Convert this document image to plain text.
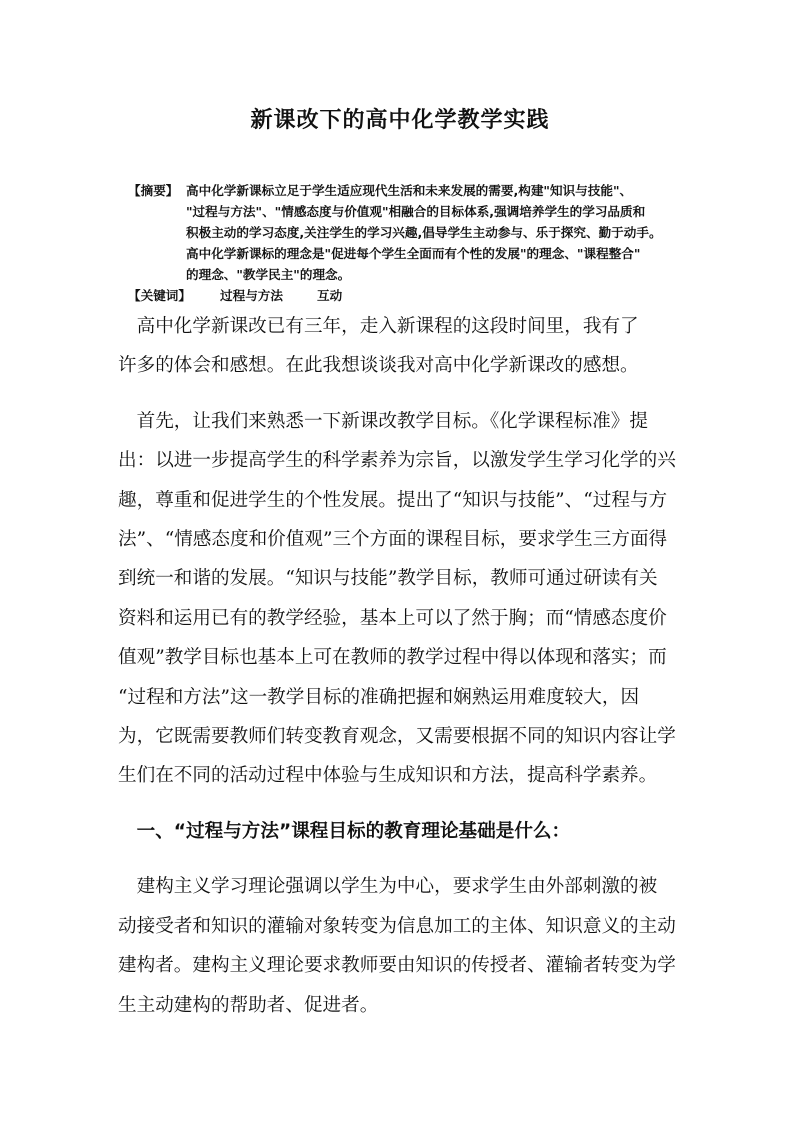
新课改下的高中化学教学实践
【摘要】 高中化学新课标立足于学生适应现代生活和未来发展的需要,构建"知识与技能"、
"过程与方法"、"情感态度与价值观"相融合的目标体系,强调培养学生的学习品质和
积极主动的学习态度,关注学生的学习兴趣,倡导学生主动参与、乐于探究、勤于动手。
高中化学新课标的理念是"促进每个学生全面而有个性的发展"的理念、"课程整合"
的理念、"教学民主"的理念。
【关键词】	过程与方法	互动
　高中化学新课改已有三年，走入新课程的这段时间里，我有了
许多的体会和感想。在此我想谈谈我对高中化学新课改的感想。
　首先，让我们来熟悉一下新课改教学目标。《化学课程标准》提
出：以进一步提高学生的科学素养为宗旨，以激发学生学习化学的兴
趣，尊重和促进学生的个性发展。提出了“知识与技能”、“过程与方
法”、“情感态度和价值观”三个方面的课程目标，要求学生三方面得
到统一和谐的发展。“知识与技能”教学目标，教师可通过研读有关
资料和运用已有的教学经验，基本上可以了然于胸；而“情感态度价
值观”教学目标也基本上可在教师的教学过程中得以体现和落实；而
“过程和方法”这一教学目标的准确把握和娴熟运用难度较大，因
为，它既需要教师们转变教育观念，又需要根据不同的知识内容让学
生们在不同的活动过程中体验与生成知识和方法，提高科学素养。
　一、“过程与方法”课程目标的教育理论基础是什么：
　建构主义学习理论强调以学生为中心，要求学生由外部刺激的被
动接受者和知识的灌输对象转变为信息加工的主体、知识意义的主动
建构者。建构主义理论要求教师要由知识的传授者、灌输者转变为学
生主动建构的帮助者、促进者。
